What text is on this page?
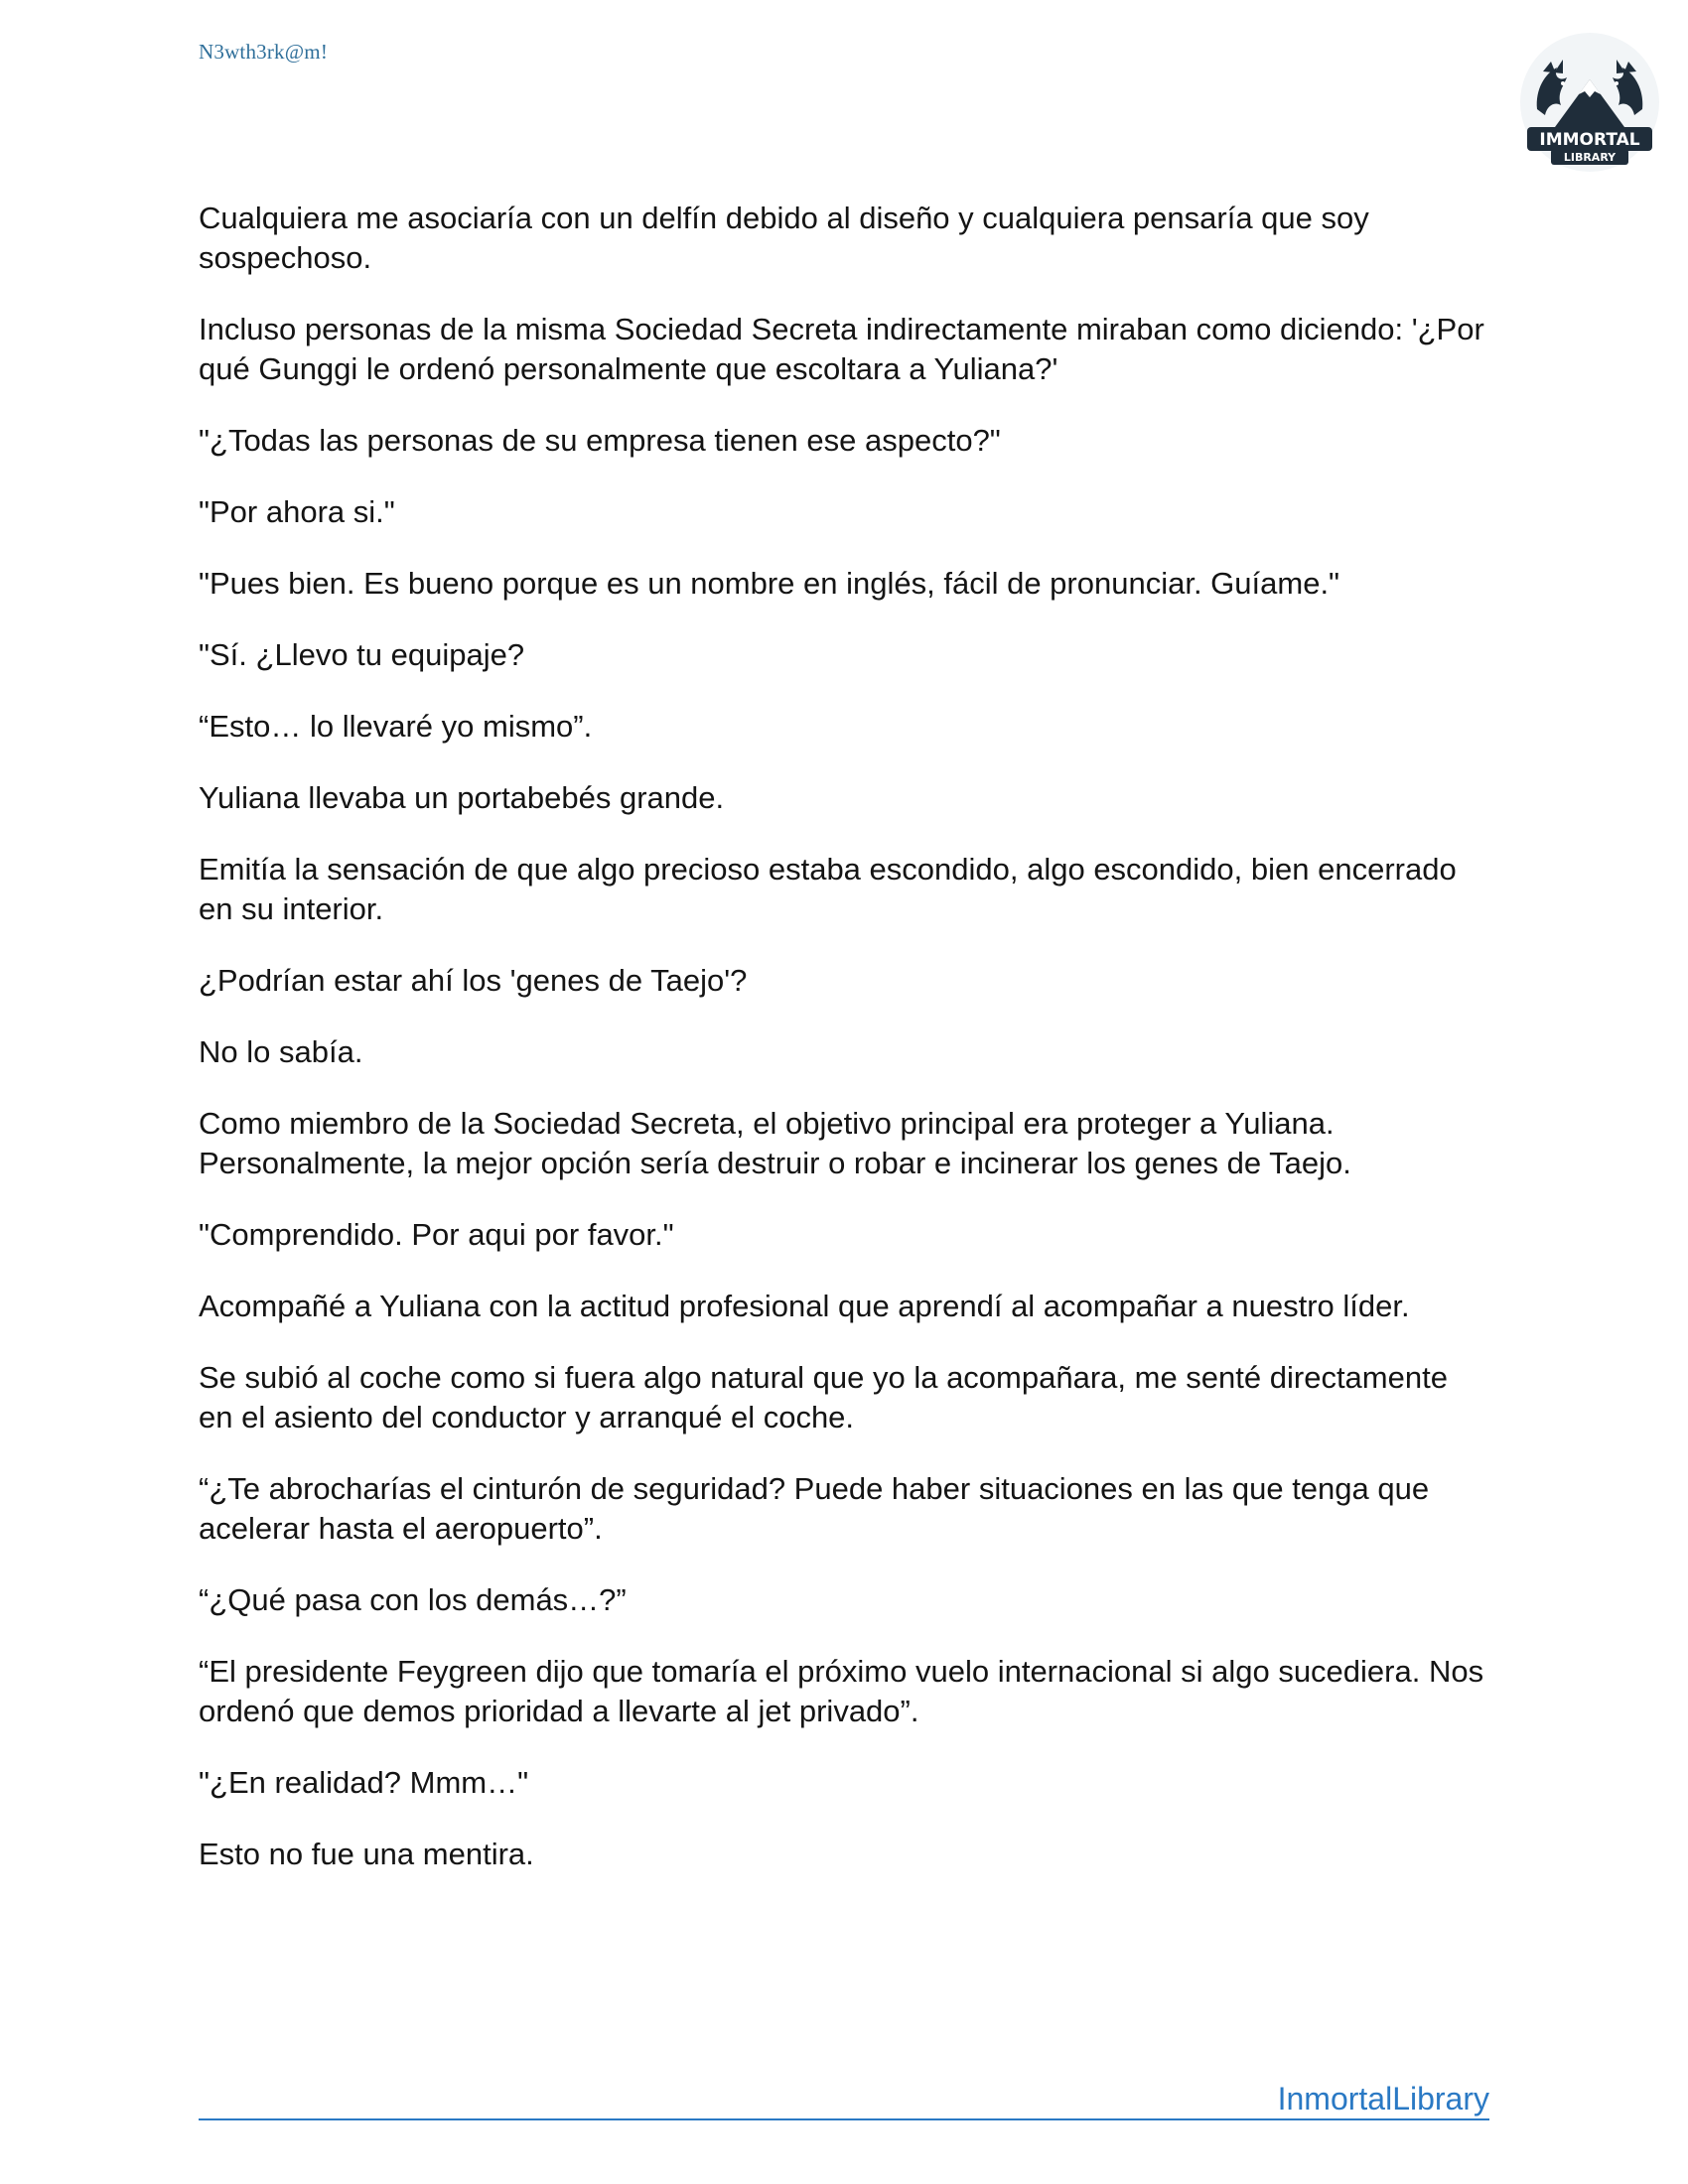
N3wth3rk@m!
IMMORTAL
LIBRARY

Cualquiera me asociaría con un delfín debido al diseño y cualquiera pensaría que soy sospechoso.

Incluso personas de la misma Sociedad Secreta indirectamente miraban como diciendo: '¿Por qué Gunggi le ordenó personalmente que escoltara a Yuliana?'

"¿Todas las personas de su empresa tienen ese aspecto?"

"Por ahora si."

"Pues bien. Es bueno porque es un nombre en inglés, fácil de pronunciar. Guíame."

"Sí. ¿Llevo tu equipaje?

“Esto… lo llevaré yo mismo”.

Yuliana llevaba un portabebés grande.

Emitía la sensación de que algo precioso estaba escondido, algo escondido, bien encerrado en su interior.

¿Podrían estar ahí los 'genes de Taejo'?

No lo sabía.

Como miembro de la Sociedad Secreta, el objetivo principal era proteger a Yuliana. Personalmente, la mejor opción sería destruir o robar e incinerar los genes de Taejo.

"Comprendido. Por aqui por favor."

Acompañé a Yuliana con la actitud profesional que aprendí al acompañar a nuestro líder.

Se subió al coche como si fuera algo natural que yo la acompañara, me senté directamente en el asiento del conductor y arranqué el coche.

“¿Te abrocharías el cinturón de seguridad? Puede haber situaciones en las que tenga que acelerar hasta el aeropuerto”.

“¿Qué pasa con los demás…?”

“El presidente Feygreen dijo que tomaría el próximo vuelo internacional si algo sucediera. Nos ordenó que demos prioridad a llevarte al jet privado”.

"¿En realidad? Mmm…"

Esto no fue una mentira.

InmortalLibrary
